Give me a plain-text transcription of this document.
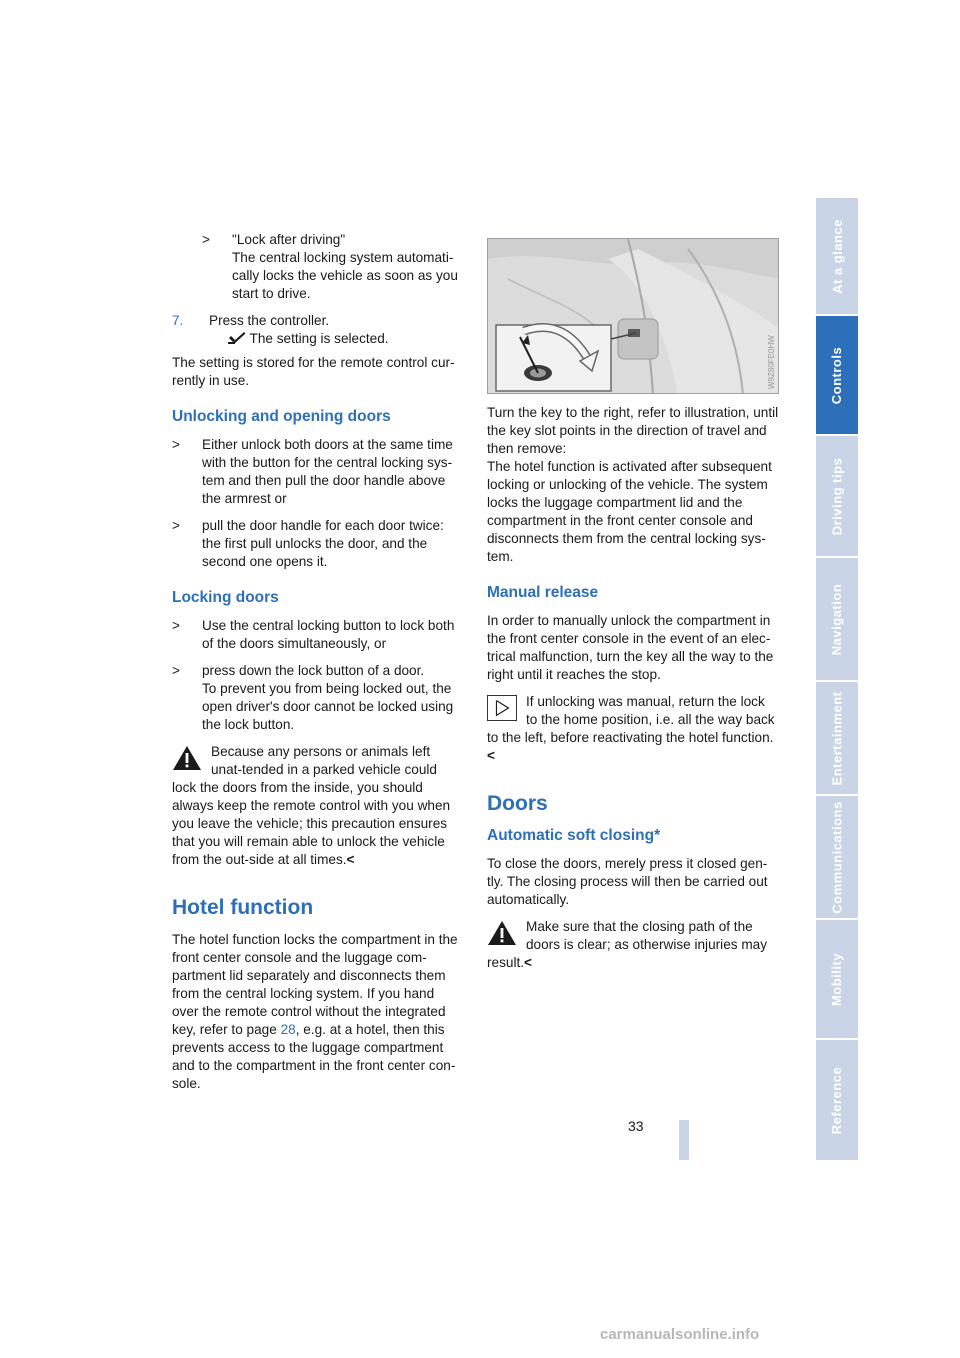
> "Lock after driving"

The central locking system automati-cally locks the vehicle as soon as you start to drive.

7. Press the controller.

The setting is selected.

The setting is stored for the remote control cur-rently in use.

Unlocking and opening doors
> Either unlock both doors at the same time with the button for the central locking sys-tem and then pull the door handle above the armrest or

> pull the door handle for each door twice: the first pull unlocks the door, and the second one opens it.

Locking doors
> Use the central locking button to lock both of the doors simultaneously, or

> press down the lock button of a door.

To prevent you from being locked out, the open driver's door cannot be locked using the lock button.

Because any persons or animals left unat-tended in a parked vehicle could lock the doors from the inside, you should always keep the remote control with you when you leave the vehicle; this precaution ensures that you will remain able to unlock the vehicle from the out-side at all times.<

Hotel function

The hotel function locks the compartment in the front center console and the luggage com-partment lid separately and disconnects them from the central locking system. If you hand over the remote control without the integrated key, refer to page 28, e.g. at a hotel, then this prevents access to the luggage compartment and to the compartment in the front center con-sole.

W9Z80FE0HW

Turn the key to the right, refer to illustration, until the key slot points in the direction of travel and then remove:

The hotel function is activated after subsequent locking or unlocking of the vehicle. The system locks the luggage compartment lid and the compartment in the front center console and disconnects them from the central locking sys-tem.

Manual release

In order to manually unlock the compartment in the front center console in the event of an elec-trical malfunction, turn the key all the way to the right until it reaches the stop.

If unlocking was manual, return the lock to the home position, i.e. all the way back to the left, before reactivating the hotel function.<

Doors
Automatic soft closing*

To close the doors, merely press it closed gen-tly. The closing process will then be carried out automatically.

Make sure that the closing path of the doors is clear; as otherwise injuries may result.<

At a glance
Controls
Driving tips
Navigation
Entertainment
Communications
Mobility
Reference
33
carmanualsonline.info
